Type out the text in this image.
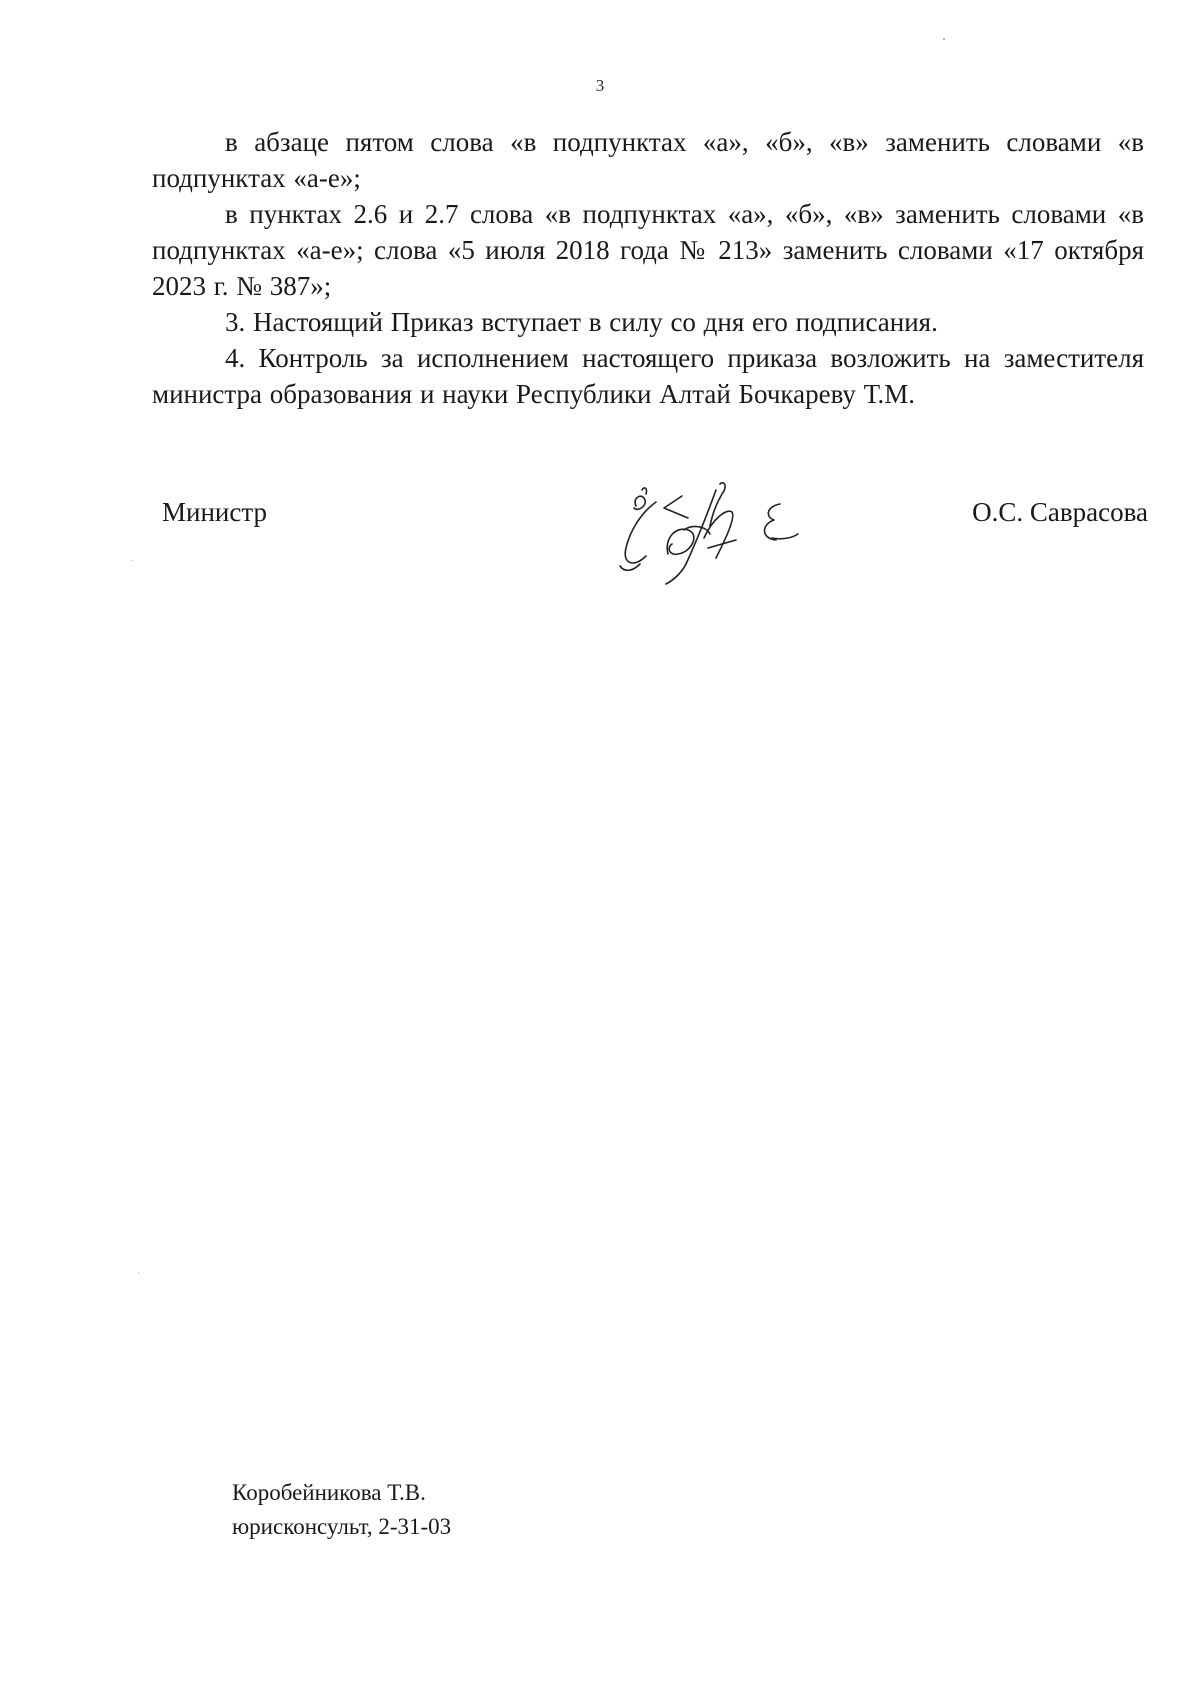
3

в абзаце пятом слова «в подпунктах «а», «б», «в» заменить словами «в подпунктах «а-е»;

в пунктах 2.6 и 2.7 слова «в подпунктах «а», «б», «в» заменить словами «в подпунктах «а-е»; слова «5 июля 2018 года № 213» заменить словами «17 октября 2023 г. № 387»;

3. Настоящий Приказ вступает в силу со дня его подписания.

4. Контроль за исполнением настоящего приказа возложить на заместителя министра образования и науки Республики Алтай Бочкареву Т.М.

Министр	О.С. Саврасова
Коробейникова Т.В.
юрисконсульт, 2-31-03
